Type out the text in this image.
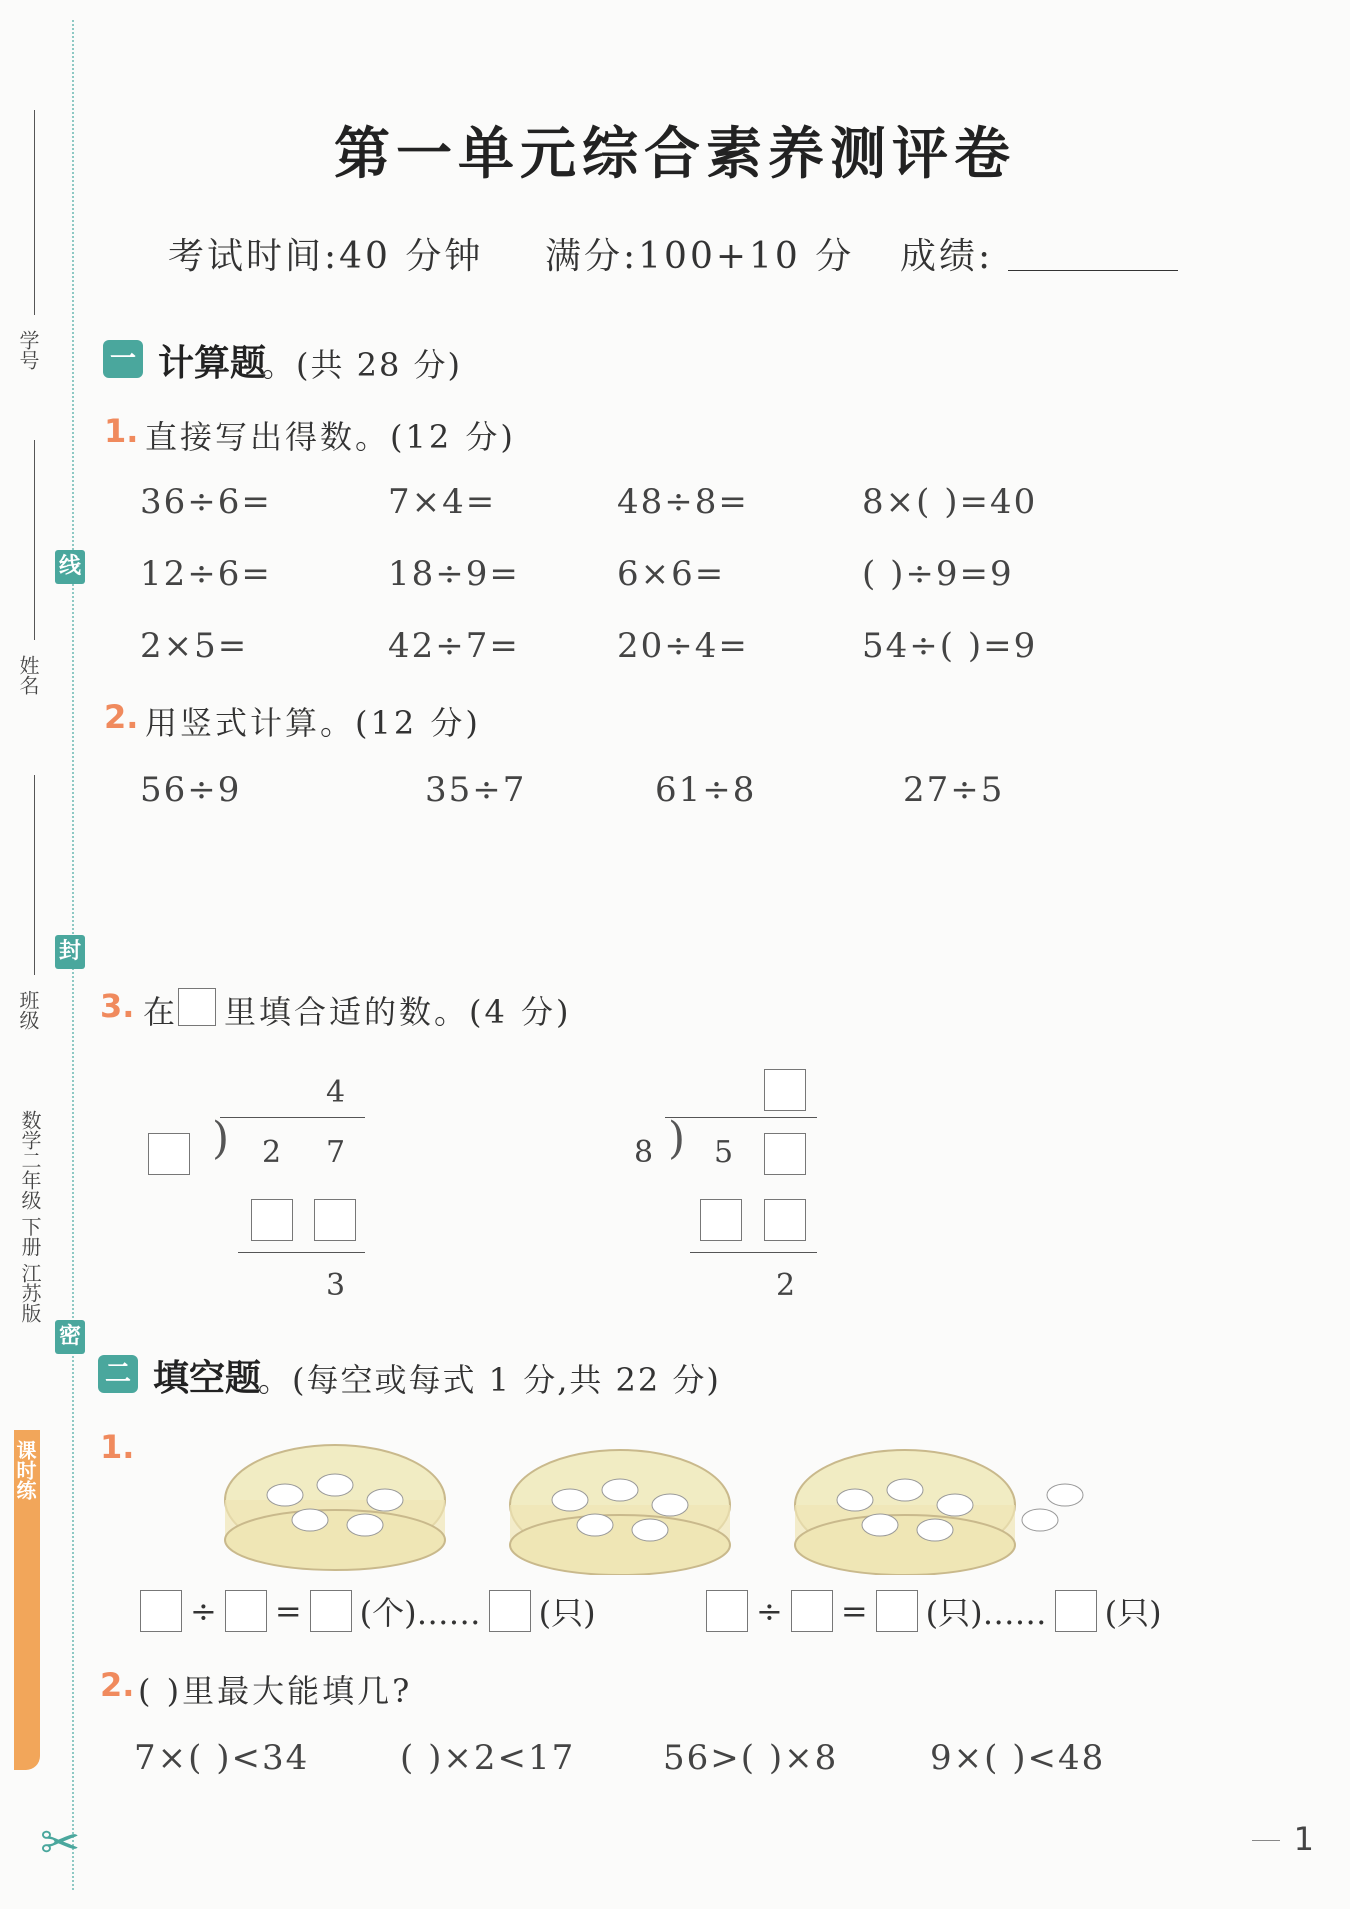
学号
姓名
班级
线
封
密
数学二年级 下册 江苏版
课时练
✂
第一单元综合素养测评卷
考试时间:40 分钟 满分:100+10 分 成绩:
一 计算题
。(共 28 分)
1. 直接写出得数。(12 分)
36÷6=	7×4=	48÷8=	8×( )=40
12÷6=	18÷9=	6×6=	( )÷9=9
2×5=	42÷7=	20÷4=	54÷( )=9
2. 用竖式计算。(12 分)
56÷9	35÷7	61÷8	27÷5
3. 在 里填合适的数。(4 分)
4
) 2 7
3
)
8 5
2
二 填空题
。(每空或每式 1 分,共 22 分)
1.
÷ = (个)…… (只)	÷ = (只)…… (只)
2. ( )里最大能填几?
7×( )<34	( )×2<17	56>( )×8	9×( )<48
1
